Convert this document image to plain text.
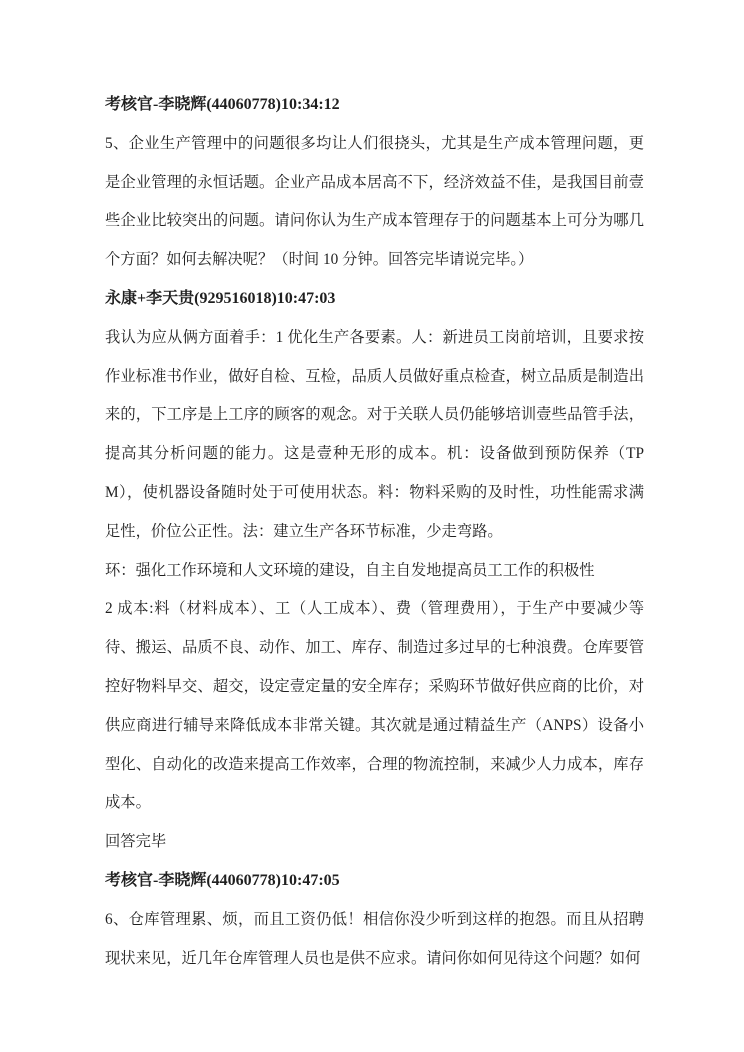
考核官-李晓辉(44060778)10:34:12

5、企业生产管理中的问题很多均让人们很挠头，尤其是生产成本管理问题，更是企业管理的永恒话题。企业产品成本居高不下，经济效益不佳，是我国目前壹些企业比较突出的问题。请问你认为生产成本管理存于的问题基本上可分为哪几个方面？如何去解决呢？（时间 10 分钟。回答完毕请说完毕。）

永康+李天贵(929516018)10:47:03

我认为应从俩方面着手：1 优化生产各要素。人：新进员工岗前培训，且要求按作业标准书作业，做好自检、互检，品质人员做好重点检查，树立品质是制造出来的，下工序是上工序的顾客的观念。对于关联人员仍能够培训壹些品管手法，提高其分析问题的能力。这是壹种无形的成本。机：设备做到预防保养（TPM），使机器设备随时处于可使用状态。料：物料采购的及时性，功性能需求满足性，价位公正性。法：建立生产各环节标准，少走弯路。

环：强化工作环境和人文环境的建设，自主自发地提高员工工作的积极性

2 成本:料（材料成本）、工（人工成本）、费（管理费用），于生产中要减少等待、搬运、品质不良、动作、加工、库存、制造过多过早的七种浪费。仓库要管控好物料早交、超交，设定壹定量的安全库存；采购环节做好供应商的比价，对供应商进行辅导来降低成本非常关键。其次就是通过精益生产（ANPS）设备小型化、自动化的改造来提高工作效率，合理的物流控制，来减少人力成本，库存成本。

回答完毕

考核官-李晓辉(44060778)10:47:05

6、仓库管理累、烦，而且工资仍低！相信你没少听到这样的抱怨。而且从招聘现状来见，近几年仓库管理人员也是供不应求。请问你如何见待这个问题？如何
